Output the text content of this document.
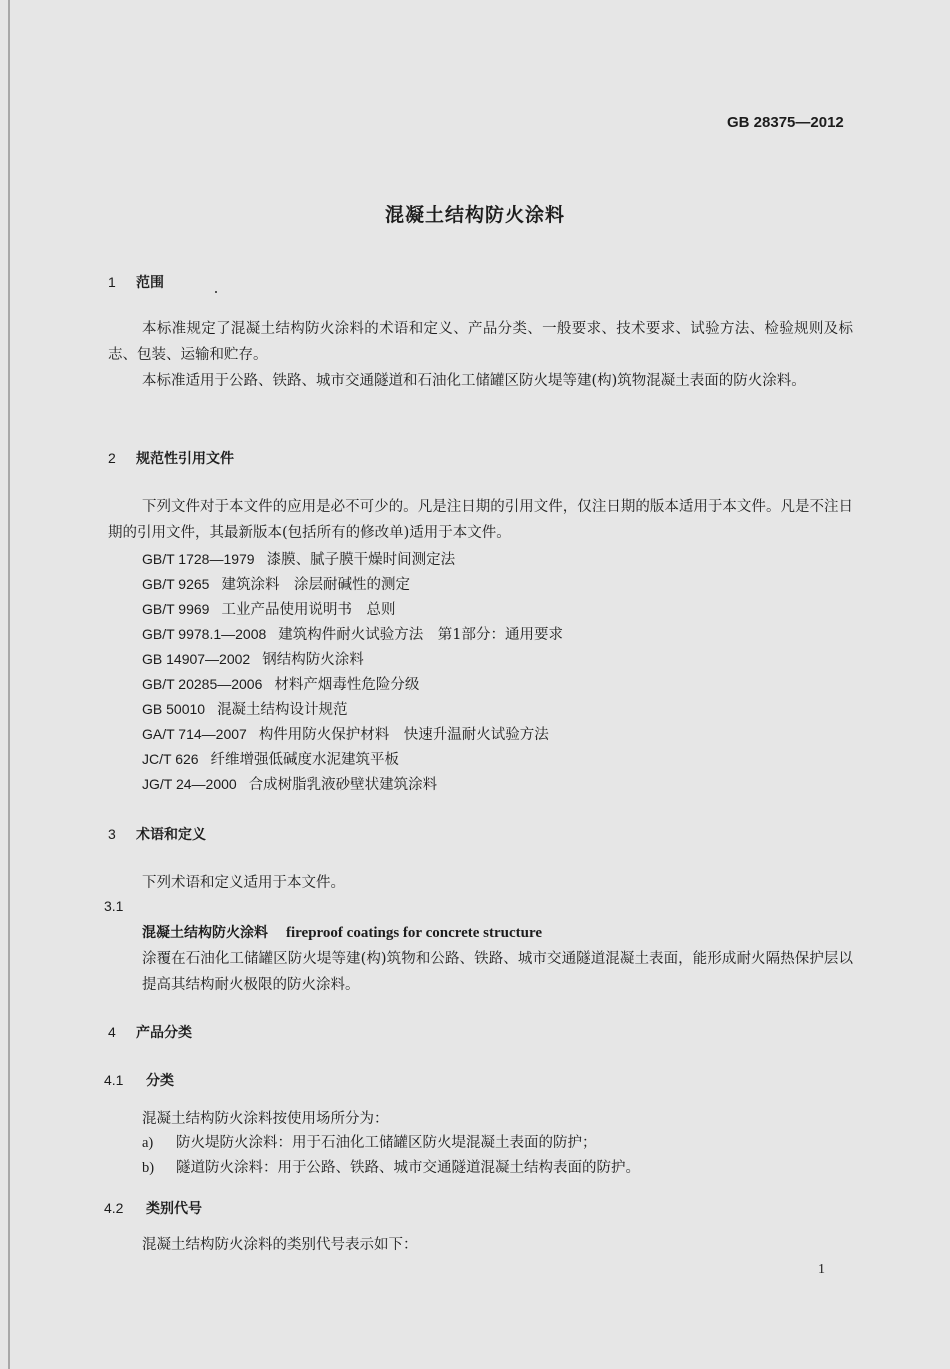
GB 28375—2012
混凝土结构防火涂料
1 范围

本标准规定了混凝土结构防火涂料的术语和定义、产品分类、一般要求、技术要求、试验方法、检验规则及标志、包装、运输和贮存。

本标准适用于公路、铁路、城市交通隧道和石油化工储罐区防火堤等建(构)筑物混凝土表面的防火涂料。

2 规范性引用文件

下列文件对于本文件的应用是必不可少的。凡是注日期的引用文件，仅注日期的版本适用于本文件。凡是不注日期的引用文件，其最新版本(包括所有的修改单)适用于本文件。

GB/T 1728—1979 漆膜、腻子膜干燥时间测定法
GB/T 9265 建筑涂料　涂层耐碱性的测定
GB/T 9969 工业产品使用说明书　总则
GB/T 9978.1—2008 建筑构件耐火试验方法　第1部分：通用要求
GB 14907—2002 钢结构防火涂料
GB/T 20285—2006 材料产烟毒性危险分级
GB 50010 混凝土结构设计规范
GA/T 714—2007 构件用防火保护材料　快速升温耐火试验方法
JC/T 626 纤维增强低碱度水泥建筑平板
JG/T 24—2000 合成树脂乳液砂壁状建筑涂料
3 术语和定义
下列术语和定义适用于本文件。
3.1
混凝土结构防火涂料 fireproof coatings for concrete structure

涂覆在石油化工储罐区防火堤等建(构)筑物和公路、铁路、城市交通隧道混凝土表面，能形成耐火隔热保护层以提高其结构耐火极限的防火涂料。

4 产品分类
4.1 分类
混凝土结构防火涂料按使用场所分为：
a) 防火堤防火涂料：用于石油化工储罐区防火堤混凝土表面的防护；
b) 隧道防火涂料：用于公路、铁路、城市交通隧道混凝土结构表面的防护。
4.2 类别代号
混凝土结构防火涂料的类别代号表示如下：
1
